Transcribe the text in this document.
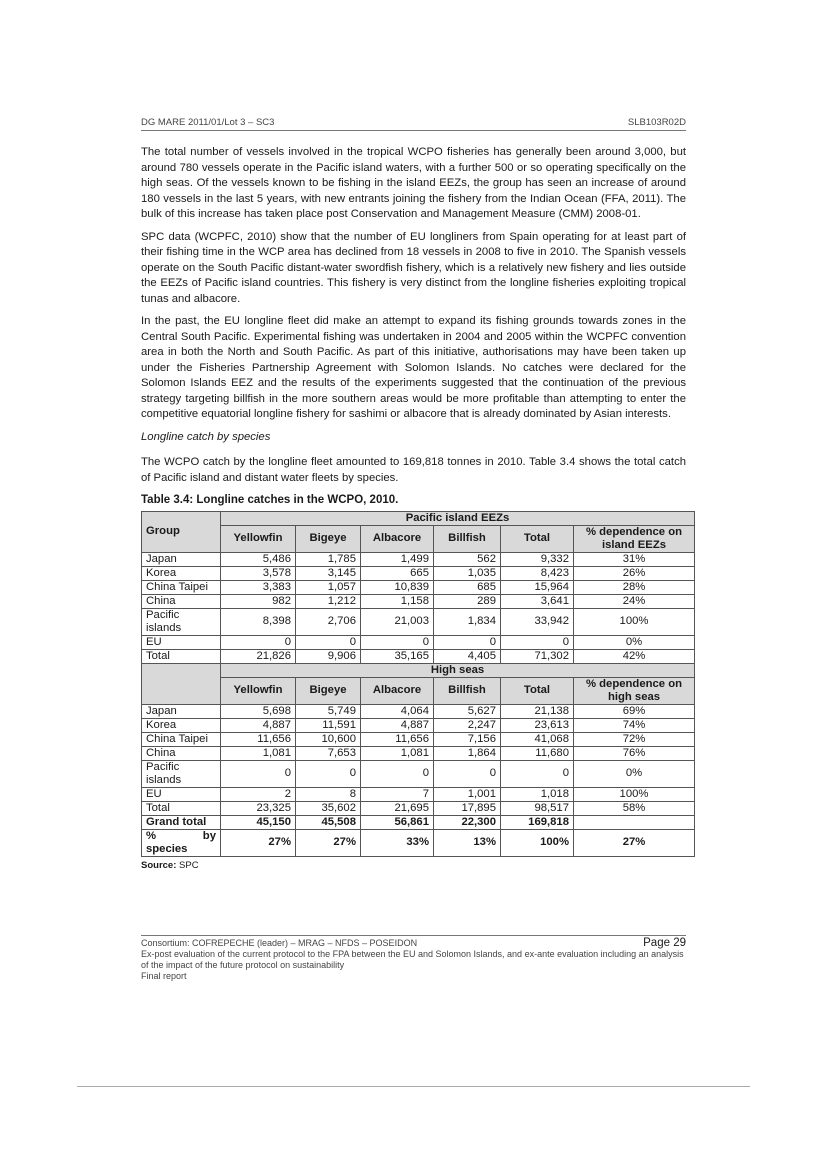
DG MARE 2011/01/Lot 3 – SC3	SLB103R02D

The total number of vessels involved in the tropical WCPO fisheries has generally been around 3,000, but around 780 vessels operate in the Pacific island waters, with a further 500 or so operating specifically on the high seas. Of the vessels known to be fishing in the island EEZs, the group has seen an increase of around 180 vessels in the last 5 years, with new entrants joining the fishery from the Indian Ocean (FFA, 2011). The bulk of this increase has taken place post Conservation and Management Measure (CMM) 2008-01.

SPC data (WCPFC, 2010) show that the number of EU longliners from Spain operating for at least part of their fishing time in the WCP area has declined from 18 vessels in 2008 to five in 2010. The Spanish vessels operate on the South Pacific distant-water swordfish fishery, which is a relatively new fishery and lies outside the EEZs of Pacific island countries. This fishery is very distinct from the longline fisheries exploiting tropical tunas and albacore.

In the past, the EU longline fleet did make an attempt to expand its fishing grounds towards zones in the Central South Pacific. Experimental fishing was undertaken in 2004 and 2005 within the WCPFC convention area in both the North and South Pacific. As part of this initiative, authorisations may have been taken up under the Fisheries Partnership Agreement with Solomon Islands. No catches were declared for the Solomon Islands EEZ and the results of the experiments suggested that the continuation of the previous strategy targeting billfish in the more southern areas would be more profitable than attempting to enter the competitive equatorial longline fishery for sashimi or albacore that is already dominated by Asian interests.

Longline catch by species

The WCPO catch by the longline fleet amounted to 169,818 tonnes in 2010. Table 3.4 shows the total catch of Pacific island and distant water fleets by species.

Table 3.4: Longline catches in the WCPO, 2010.
Group	Pacific island EEZs					
	Yellowfin	Bigeye	Albacore	Billfish	Total	% dependence on island EEZs
Japan	5,486	1,785	1,499	562	9,332	31%
Korea	3,578	3,145	665	1,035	8,423	26%
China Taipei	3,383	1,057	10,839	685	15,964	28%
China	982	1,212	1,158	289	3,641	24%
Pacific islands	8,398	2,706	21,003	1,834	33,942	100%
EU	0	0	0	0	0	0%
Total	21,826	9,906	35,165	4,405	71,302	42%
	High seas					
	Yellowfin	Bigeye	Albacore	Billfish	Total	% dependence on high seas
Japan	5,698	5,749	4,064	5,627	21,138	69%
Korea	4,887	11,591	4,887	2,247	23,613	74%
China Taipei	11,656	10,600	11,656	7,156	41,068	72%
China	1,081	7,653	1,081	1,864	11,680	76%
Pacific islands	0	0	0	0	0	0%
EU	2	8	7	1,001	1,018	100%
Total	23,325	35,602	21,695	17,895	98,517	58%
Grand total	45,150	45,508	56,861	22,300	169,818	
% by species	27%	27%	33%	13%	100%	27%
Source: SPC
Page 29
Consortium: COFREPECHE (leader) – MRAG – NFDS – POSEIDON
Ex-post evaluation of the current protocol to the FPA between the EU and Solomon Islands, and ex-ante evaluation including an analysis of the impact of the future protocol on sustainability
Final report
